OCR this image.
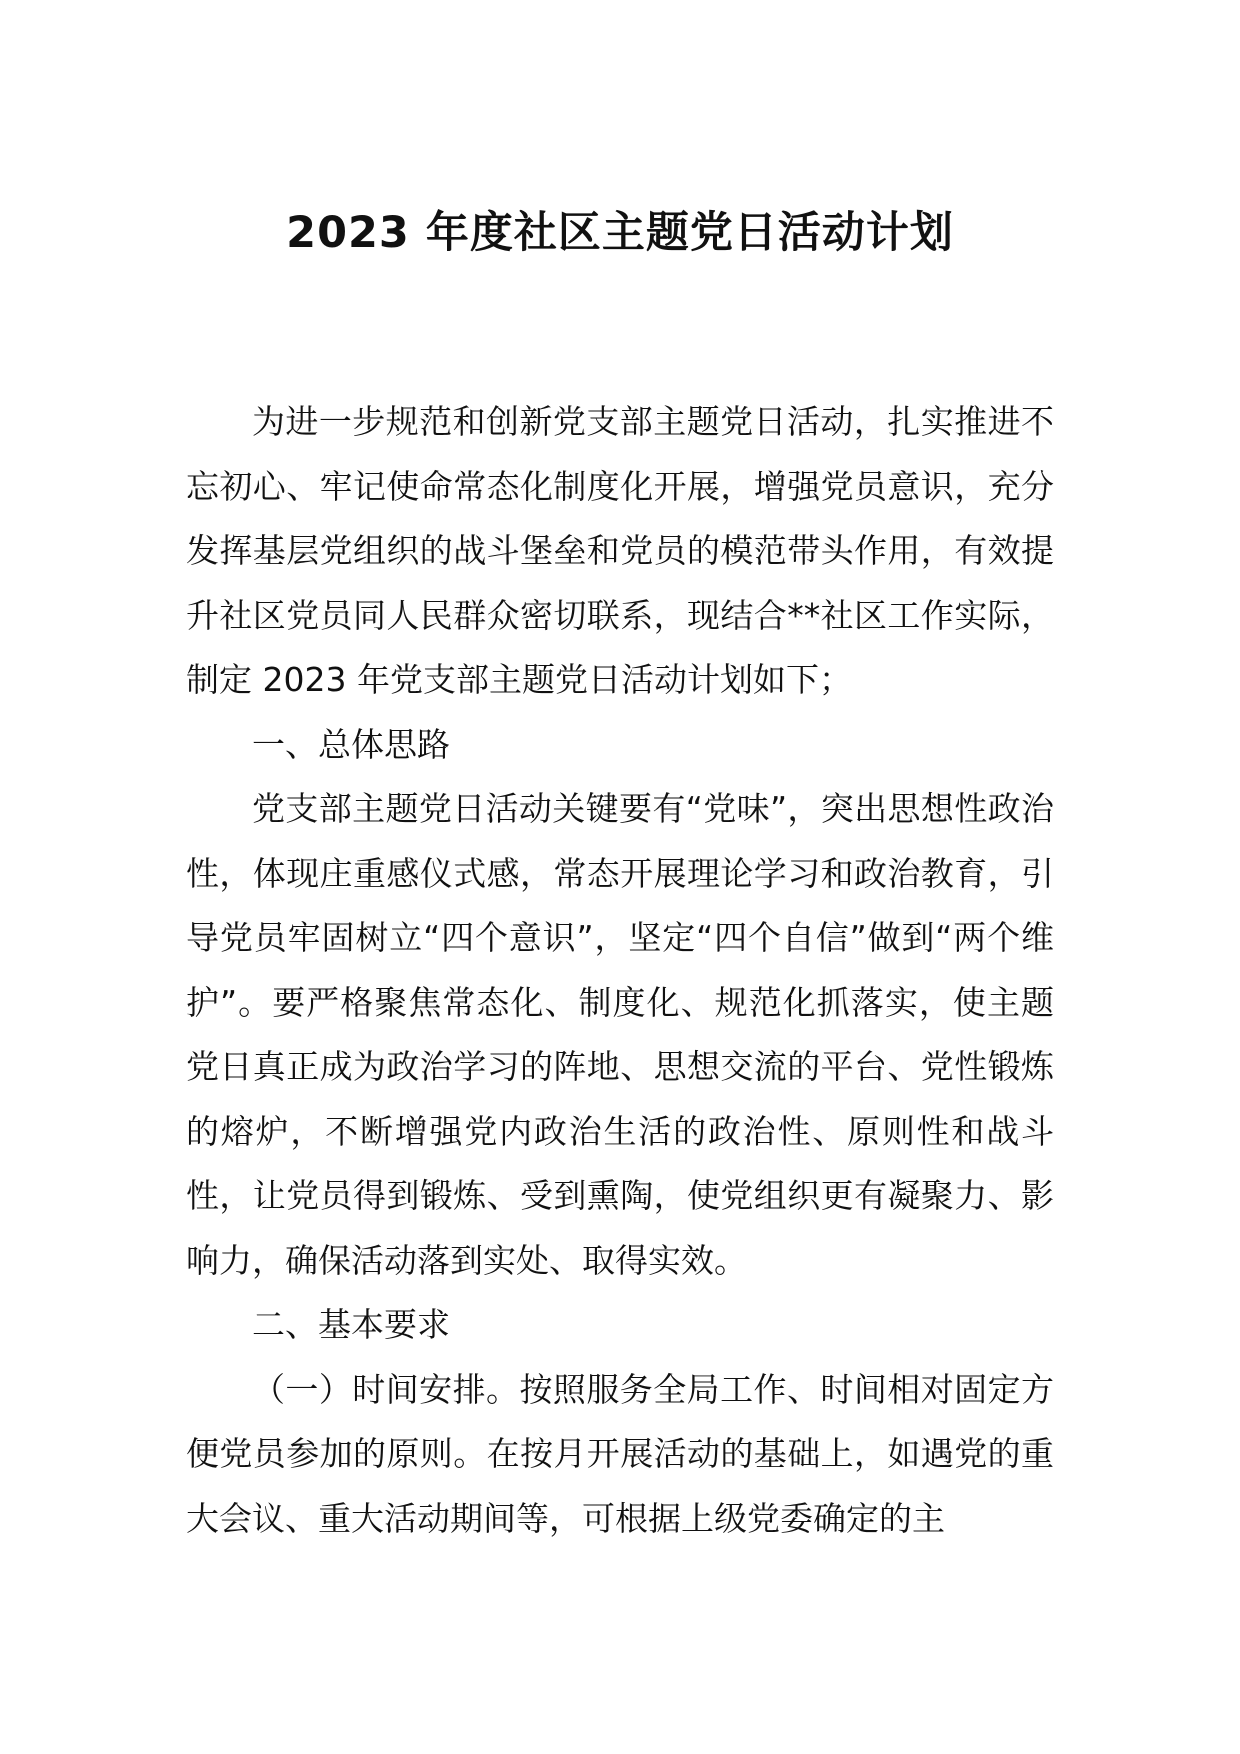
2023 年度社区主题党日活动计划

为进一步规范和创新党支部主题党日活动，扎实推进不忘初心、牢记使命常态化制度化开展，增强党员意识，充分发挥基层党组织的战斗堡垒和党员的模范带头作用，有效提升社区党员同人民群众密切联系，现结合**社区工作实际，制定 2023 年党支部主题党日活动计划如下；

一、总体思路

党支部主题党日活动关键要有“党味”，突出思想性政治性，体现庄重感仪式感，常态开展理论学习和政治教育，引导党员牢固树立“四个意识”，坚定“四个自信”做到“两个维护”。要严格聚焦常态化、制度化、规范化抓落实，使主题党日真正成为政治学习的阵地、思想交流的平台、党性锻炼的熔炉，不断增强党内政治生活的政治性、原则性和战斗性，让党员得到锻炼、受到熏陶，使党组织更有凝聚力、影响力，确保活动落到实处、取得实效。

二、基本要求

（一）时间安排。按照服务全局工作、时间相对固定方便党员参加的原则。在按月开展活动的基础上，如遇党的重大会议、重大活动期间等，可根据上级党委确定的主
